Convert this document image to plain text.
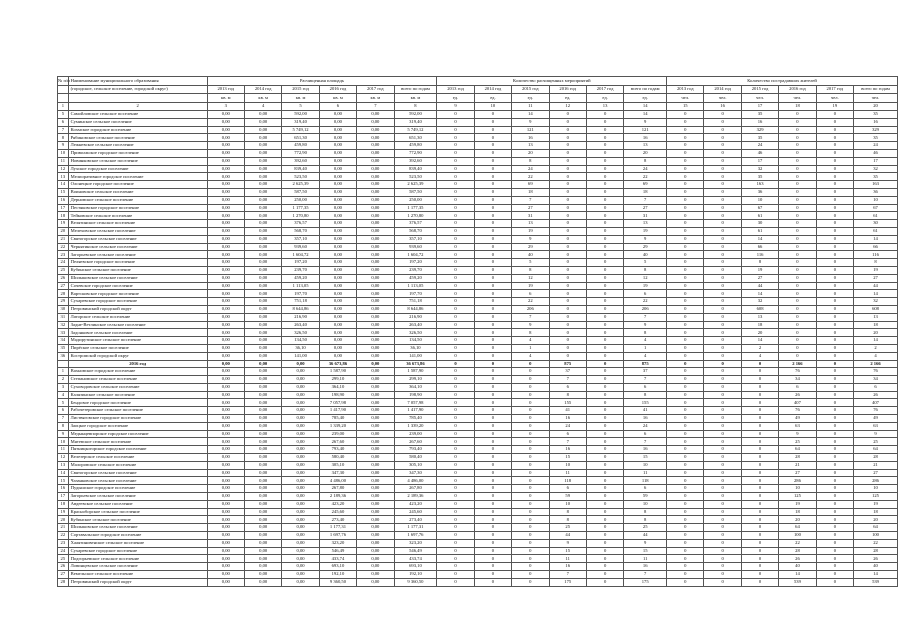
№ п/п	Наименование муниципального образования	Расчищенная площадь						Количество расчищенных мероприятий						Количество пострадавших жителей					
	(городское, сельское поселение, городской округ)	2013 год	2014 год	2015 год	2016 год	2017 год	всего по годам	2013 год	2014 год	2015 год	2016 год	2017 год	всего по годам	2013 год	2014 год	2015 год	2016 год	2017 год	всего по годам
		кв. м	кв. м	кв. м	кв. м	кв. м	кв. м	ед.	ед.	ед.	ед.	ед.	ед.	чел.	чел.	чел.	чел.	чел.	чел.
1	2	3	4	5	6	7	8	9	10	11	12	13	14	15	16	17	18	19	20
5	Самойловское сельское поселение	0,00	0,00	592,00	0,00	0,00	592,00	0	0	14	0	0	14	0	0	35	0	0	35
6	Суминское сельское поселение	0,00	0,00	319,40	0,00	0,00	319,40	0	0	9	0	0	9	0	0	16	0	0	16
7	Кохмское городское поселение	0,00	0,00	5 749,12	0,00	0,00	5 749,12	0	0	121	0	0	121	0	0	329	0	0	329
8	Рябиновское сельское поселение	0,00	0,00	651,30	0,00	0,00	651,30	0	0	16	0	0	16	0	0	35	0	0	35
9	Лежневское сельское поселение	0,00	0,00	459,80	0,00	0,00	459,80	0	0	13	0	0	13	0	0	24	0	0	24
10	Приволжское городское поселение	0,00	0,00	772,90	0,00	0,00	772,90	0	0	20	0	0	20	0	0	46	0	0	46
11	Новинковское сельское поселение	0,00	0,00	392,60	0,00	0,00	392,60	0	0	8	0	0	8	0	0	17	0	0	17
12	Лухское городское поселение	0,00	0,00	839,40	0,00	0,00	839,40	0	0	24	0	0	24	0	0	32	0	0	32
13	Мелиоративное городское поселение	0,00	0,00	523,50	0,00	0,00	523,50	0	0	22	0	0	22	0	0	35	0	0	35
14	Олонецкое городское поселение	0,00	0,00	2 625,39	0,00	0,00	2 625,39	0	0	69	0	0	69	0	0	163	0	0	163
15	Воиновское сельское поселение	0,00	0,00	587,50	0,00	0,00	587,50	0	0	18	0	0	18	0	0	36	0	0	36
16	Дерновское сельское поселение	0,00	0,00	250,00	0,00	0,00	250,00	0	0	7	0	0	7	0	0	10	0	0	10
17	Пестяковское городское поселение	0,00	0,00	1 177,35	0,00	0,00	1 177,35	0	0	27	0	0	27	0	0	67	0	0	67
18	Тейковское сельское поселение	0,00	0,00	1 270,80	0,00	0,00	1 270,80	0	0	31	0	0	31	0	0	61	0	0	61
19	Велятинское сельское поселение	0,00	0,00	376,57	0,00	0,00	376,57	0	0	13	0	0	13	0	0	30	0	0	30
20	Мелеховское сельское поселение	0,00	0,00	568,70	0,00	0,00	568,70	0	0	19	0	0	19	0	0	61	0	0	61
21	Святогорское сельское поселение	0,00	0,00	357,10	0,00	0,00	357,10	0	0	9	0	0	9	0	0	14	0	0	14
22	Чернятинское сельское поселение	0,00	0,00	939,60	0,00	0,00	939,60	0	0	29	0	0	29	0	0	66	0	0	66
23	Загорьевское сельское поселение	0,00	0,00	1 604,72	0,00	0,00	1 604,72	0	0	40	0	0	40	0	0	116	0	0	116
24	Пеляевское городское поселение	0,00	0,00	197,20	0,00	0,00	197,20	0	0	5	0	0	5	0	0	8	0	0	8
25	Кубинское сельское поселение	0,00	0,00	239,70	0,00	0,00	239,70	0	0	8	0	0	8	0	0	19	0	0	19
26	Шилыковское сельское поселение	0,00	0,00	459,20	0,00	0,00	459,20	0	0	12	0	0	12	0	0	27	0	0	27
27	Сочевское городское поселение	0,00	0,00	1 113,05	0,00	0,00	1 113,05	0	0	19	0	0	19	0	0	44	0	0	44
28	Вартсковское городское поселение	0,00	0,00	197,70	0,00	0,00	197,70	0	0	6	0	0	6	0	0	14	0	0	14
29	Сухаревское городское поселение	0,00	0,00	751,18	0,00	0,00	751,18	0	0	22	0	0	22	0	0	32	0	0	32
30	Петровинский городской округ	0,00	0,00	8 644,86	0,00	0,00	8 644,86	0	0	206	0	0	206	0	0	608	0	0	608
31	Латорское сельское поселение	0,00	0,00	216,90	0,00	0,00	216,90	0	0	7	0	0	7	0	0	13	0	0	13
32	Задне-Ветлинское сельское поселение	0,00	0,00	263,40	0,00	0,00	263,40	0	0	9	0	0	9	0	0	18	0	0	18
33	Задонковое сельское поселение	0,00	0,00	326,50	0,00	0,00	326,50	0	0	8	0	0	8	0	0	20	0	0	20
34	Мадирутинское сельское поселение	0,00	0,00	134,50	0,00	0,00	134,50	0	0	4	0	0	4	0	0	14	0	0	14
35	Пирёское сельское поселение	0,00	0,00	36,10	0,00	0,00	36,10	0	0	1	0	0	1	0	0	2	0	0	2
36	Костромской городской округ	0,00	0,00	141,00	0,00	0,00	141,00	0	0	4	0	0	4	0	0	4	0	0	4
	2016 год	0,00	0,00	0,00	36 673,86	0,00	36 673,86	0	0	0	875	0	875	0	0	0	2 166	0	2 166
1	Вахновское городское поселение	0,00	0,00	0,00	1 587,90	0,00	1 587,90	0	0	0	37	0	37	0	0	0	76	0	76
2	Степановское сельское поселение	0,00	0,00	0,00	299,10	0,00	299,10	0	0	0	7	0	7	0	0	0	34	0	34
3	Суховодовское сельское поселение	0,00	0,00	0,00	364,10	0,00	364,10	0	0	0	6	0	6	0	0	0	6	0	6
4	Калязинское сельское поселение	0,00	0,00	0,00	198,90	0,00	198,90	0	0	0	8	0	8	0	0	0	26	0	26
5	Бендовое городское поселение	0,00	0,00	0,00	7 057,98	0,00	7 057,98	0	0	0	155	0	155	0	0	0	407	0	407
6	Рабочетеровское сельское поселение	0,00	0,00	0,00	1 417,90	0,00	1 417,90	0	0	0	41	0	41	0	0	0	76	0	76
7	Листвяговское городское поселение	0,00	0,00	0,00	785,40	0,00	785,40	0	0	0	16	0	16	0	0	0	49	0	49
8	Заоцкое городское поселение	0,00	0,00	0,00	1 339,20	0,00	1 339,20	0	0	0	24	0	24	0	0	0	63	0	63
9	Медынцевпорское городское поселение	0,00	0,00	0,00	239,00	0,00	239,00	0	0	0	6	0	6	0	0	0	9	0	9
10	Мятевское сельское поселение	0,00	0,00	0,00	267,60	0,00	267,60	0	0	0	7	0	7	0	0	0	25	0	25
11	Пятницкогорское городское поселение	0,00	0,00	0,00	793,40	0,00	793,40	0	0	0	16	0	16	0	0	0	64	0	64
12	Велезерское сельское поселение	0,00	0,00	0,00	580,40	0,00	580,40	0	0	0	15	0	15	0	0	0	28	0	28
13	Малоровское сельское поселение	0,00	0,00	0,00	305,10	0,00	305,10	0	0	0	10	0	10	0	0	0	21	0	21
14	Святогорское сельское поселение	0,00	0,00	0,00	347,30	0,00	347,30	0	0	0	11	0	11	0	0	0	27	0	27
15	Чазанковское сельское поселение	0,00	0,00	0,00	4 486,00	0,00	4 486,00	0	0	0	118	0	118	0	0	0	286	0	286
16	Пудышское городское поселение	0,00	0,00	0,00	267,80	0,00	267,80	0	0	0	6	0	6	0	0	0	10	0	10
17	Загорьевское сельское поселение	0,00	0,00	0,00	2 189,36	0,00	2 189,36	0	0	0	59	0	59	0	0	0	125	0	125
18	Авдеевское сельское поселение	0,00	0,00	0,00	423,20	0,00	423,20	0	0	0	10	0	10	0	0	0	19	0	19
19	Красноборское сельское поселение	0,00	0,00	0,00	245,60	0,00	245,60	0	0	0	8	0	8	0	0	0	18	0	18
20	Кубинское сельское поселение	0,00	0,00	0,00	273,40	0,00	273,40	0	0	0	8	0	8	0	0	0	20	0	20
21	Шилыковское сельское поселение	0,00	0,00	0,00	1 177,31	0,00	1 177,31	0	0	0	25	0	25	0	0	0	64	0	64
22	Сортавальское городское поселение	0,00	0,00	0,00	1 697,76	0,00	1 697,76	0	0	0	44	0	44	0	0	0	100	0	100
23	Хааятиновенское сельское поселение	0,00	0,00	0,00	323,20	0,00	323,20	0	0	0	9	0	9	0	0	0	22	0	22
24	Сухаревское городское поселение	0,00	0,00	0,00	546,49	0,00	546,49	0	0	0	15	0	15	0	0	0	28	0	28
25	Подгорьевское сельское поселение	0,00	0,00	0,00	433,74	0,00	433,74	0	0	0	11	0	11	0	0	0	26	0	26
26	Ловинцевское сельское поселение	0,00	0,00	0,00	693,10	0,00	693,10	0	0	0	16	0	16	0	0	0	40	0	40
27	Вемельское сельское поселение	0,00	0,00	0,00	192,10	0,00	192,10	0	0	0	7	0	7	0	0	0	14	0	14
28	Петровинский городской округ	0,00	0,00	0,00	9 360,50	0,00	9 360,50	0	0	0	175	0	175	0	0	0	539	0	539
